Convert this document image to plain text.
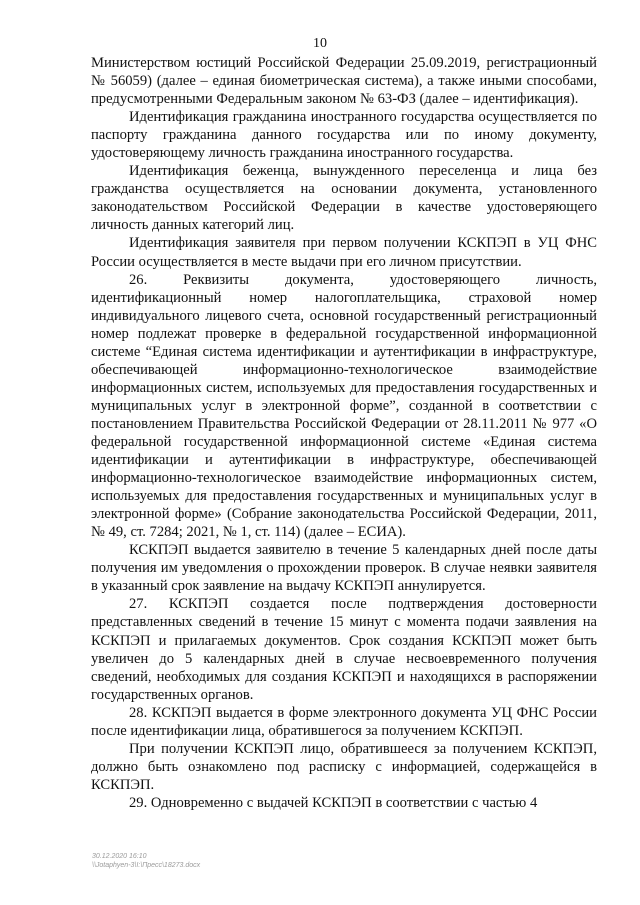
10

Министерством юстиций Российской Федерации 25.09.2019, регистрационный № 56059) (далее – единая биометрическая система), а также иными способами, предусмотренными Федеральным законом № 63-ФЗ (далее – идентификация).

Идентификация гражданина иностранного государства осуществляется по паспорту гражданина данного государства или по иному документу, удостоверяющему личность гражданина иностранного государства.

Идентификация беженца, вынужденного переселенца и лица без гражданства осуществляется на основании документа, установленного законодательством Российской Федерации в качестве удостоверяющего личность данных категорий лиц.

Идентификация заявителя при первом получении КСКПЭП в УЦ ФНС России осуществляется в месте выдачи при его личном присутствии.

26. Реквизиты документа, удостоверяющего личность, идентификационный номер налогоплательщика, страховой номер индивидуального лицевого счета, основной государственный регистрационный номер подлежат проверке в федеральной государственной информационной системе “Единая система идентификации и аутентификации в инфраструктуре, обеспечивающей информационно-технологическое взаимодействие информационных систем, используемых для предоставления государственных и муниципальных услуг в электронной форме”, созданной в соответствии с постановлением Правительства Российской Федерации от 28.11.2011 № 977 «О федеральной государственной информационной системе «Единая система идентификации и аутентификации в инфраструктуре, обеспечивающей информационно-технологическое взаимодействие информационных систем, используемых для предоставления государственных и муниципальных услуг в электронной форме» (Собрание законодательства Российской Федерации, 2011, № 49, ст. 7284; 2021, № 1, ст. 114) (далее – ЕСИА).

КСКПЭП выдается заявителю в течение 5 календарных дней после даты получения им уведомления о прохождении проверок. В случае неявки заявителя в указанный срок заявление на выдачу КСКПЭП аннулируется.

27. КСКПЭП создается после подтверждения достоверности представленных сведений в течение 15 минут с момента подачи заявления на КСКПЭП и прилагаемых документов. Срок создания КСКПЭП может быть увеличен до 5 календарных дней в случае несвоевременного получения сведений, необходимых для создания КСКПЭП и находящихся в распоряжении государственных органов.

28. КСКПЭП выдается в форме электронного документа УЦ ФНС России после идентификации лица, обратившегося за получением КСКПЭП.

При получении КСКПЭП лицо, обратившееся за получением КСКПЭП, должно быть ознакомлено под расписку с информацией, содержащейся в КСКПЭП.

29. Одновременно с выдачей КСКПЭП в соответствии с частью 4

30.12.2020 16:10
\\Jotaphyen-3\I:\Пресс\18273.docx
